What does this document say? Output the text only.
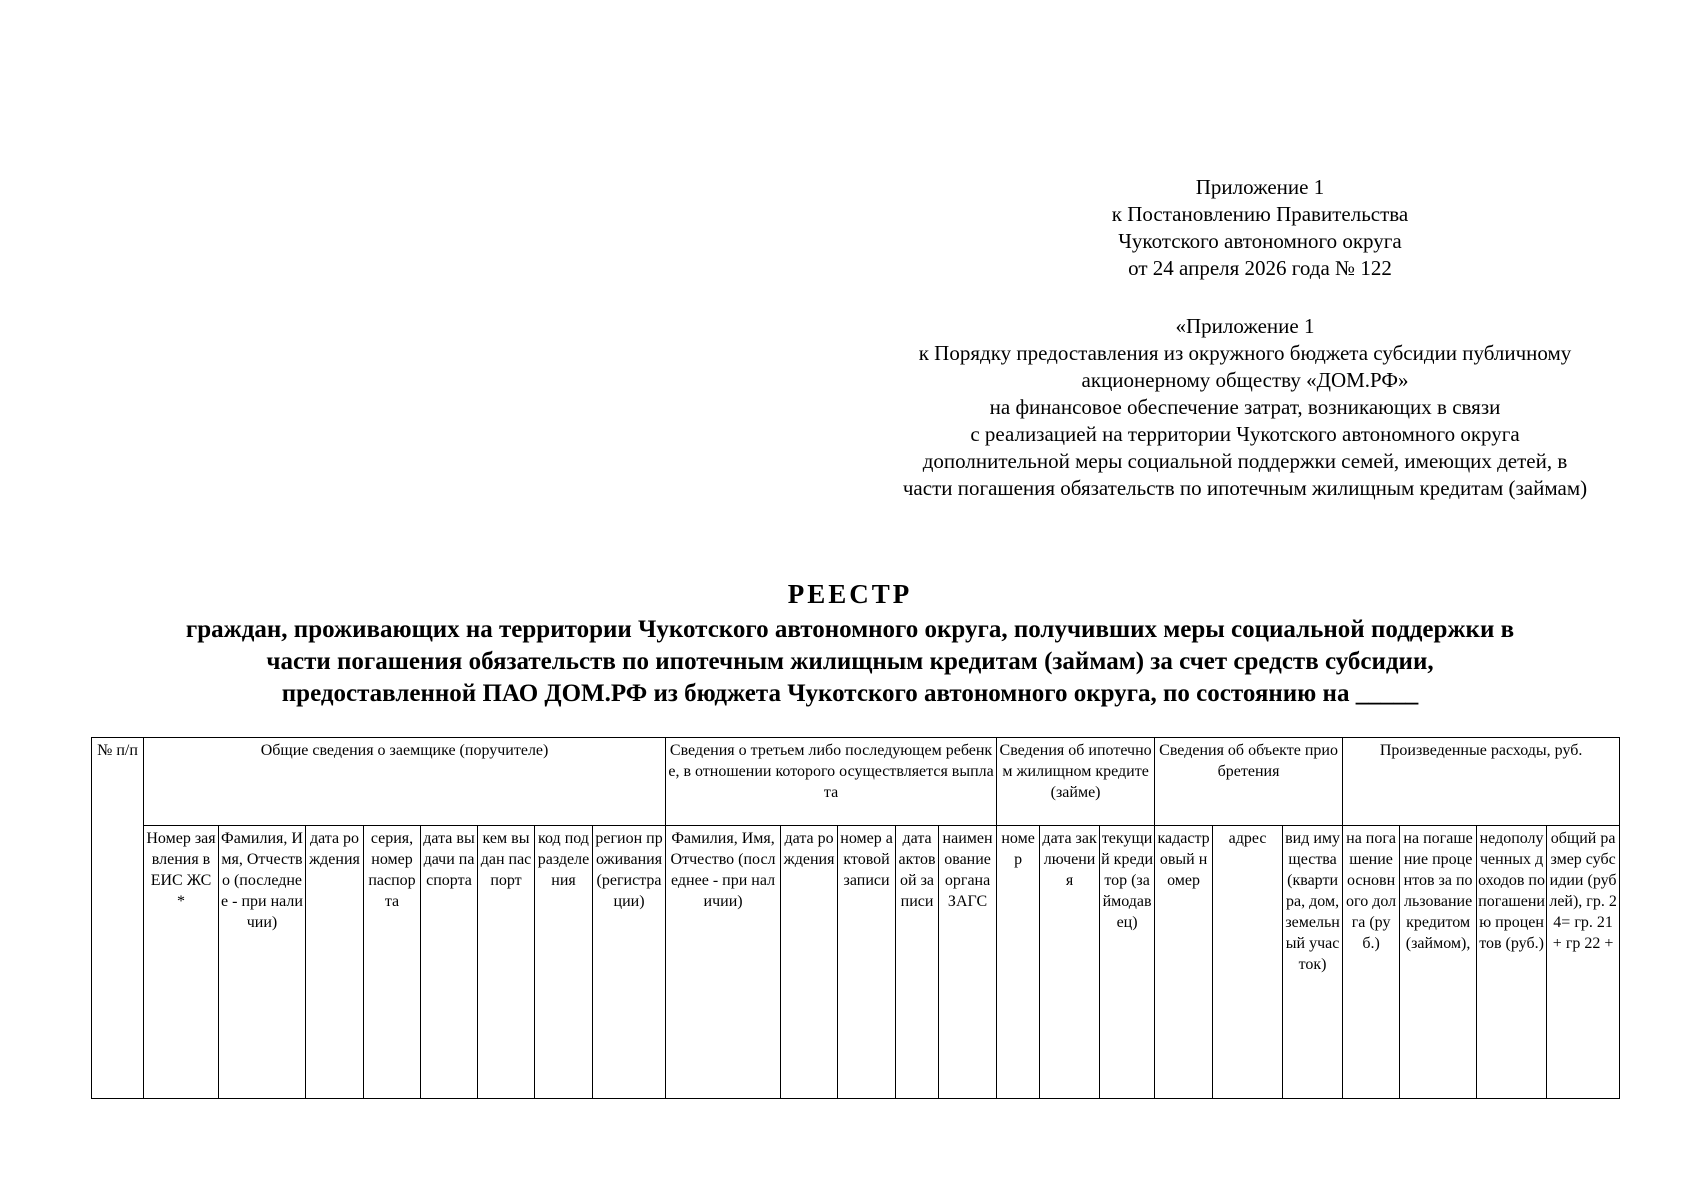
Приложение 1
к Постановлению Правительства
Чукотского автономного округа
от 24 апреля 2026 года № 122
«Приложение 1
к Порядку предоставления из окружного бюджета субсидии публичному
акционерному обществу «ДОМ.РФ»
на финансовое обеспечение затрат, возникающих в связи
с реализацией на территории Чукотского автономного округа
дополнительной меры социальной поддержки семей, имеющих детей, в
части погашения обязательств по ипотечным жилищным кредитам (займам)
РЕЕСТР
граждан, проживающих на территории Чукотского автономного округа, получивших меры социальной поддержки в
части погашения обязательств по ипотечным жилищным кредитам (займам) за счет средств субсидии,
предоставленной ПАО ДОМ.РФ из бюджета Чукотского автономного округа, по состоянию на _____
№ п/п	Общие сведения о заемщике (поручителе)								Сведения о третьем либо последующем ребенке, в отношении которого осуществляется выплата					Сведения об ипотечном жилищном кредите (займе)			Сведения об объекте приобретения			Произведенные расходы, руб.			
	Номер заявления в ЕИС ЖС *	Фамилия, Имя, Отчество (последнее - при наличии)	дата рождения	серия, номер паспорта	дата выдачи паспорта	кем выдан паспорт	код подразделения	регион проживания (регистрации)	Фамилия, Имя, Отчество (последнее - при наличии)	дата рождения	номер актовой записи	дата актовой записи	наименование органа ЗАГС	номер	дата заключения	текущий кредитор (займодавец)	кадастровый номер	адрес	вид имущества (квартира, дом, земельный участок)	на погашение основного долга (руб.)	на погашение процентов за пользование кредитом (займом),	недополученных доходов по погашению процентов (руб.)	общий размер субсидии (рублей), гр. 24= гр. 21 + гр 22 +
